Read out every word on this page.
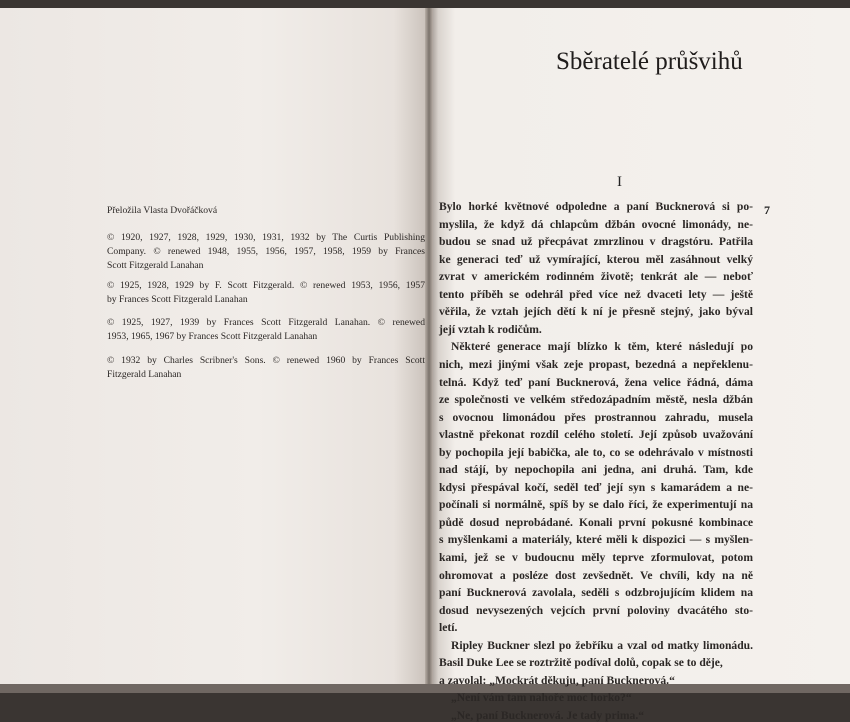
Přeložila Vlasta Dvořáčková
© 1920, 1927, 1928, 1929, 1930, 1931, 1932 by The Curtis Publishing
Company. © renewed 1948, 1955, 1956, 1957, 1958, 1959 by Frances
Scott Fitzgerald Lanahan
© 1925, 1928, 1929 by F. Scott Fitzgerald. © renewed 1953, 1956, 1957
by Frances Scott Fitzgerald Lanahan
© 1925, 1927, 1939 by Frances Scott Fitzgerald Lanahan. © renewed
1953, 1965, 1967 by Frances Scott Fitzgerald Lanahan
© 1932 by Charles Scribner's Sons. © renewed 1960 by Frances Scott
Fitzgerald Lanahan
Sběratelé průšvihů
I
7
Bylo horké květnové odpoledne a paní Bucknerová si po-
myslila, že když dá chlapcům džbán ovocné limonády, ne-
budou se snad už přecpávat zmrzlinou v dragstóru. Patřila
ke generaci teď už vymírající, kterou měl zasáhnout velký
zvrat v americkém rodinném životě; tenkrát ale — neboť
tento příběh se odehrál před více než dvaceti lety — ještě
věřila, že vztah jejích dětí k ní je přesně stejný, jako býval
její vztah k rodičům.
Některé generace mají blízko k těm, které následují po
nich, mezi jinými však zeje propast, bezedná a nepřeklenu-
telná. Když teď paní Bucknerová, žena velice řádná, dáma
ze společnosti ve velkém středozápadním městě, nesla džbán
s ovocnou limonádou přes prostrannou zahradu, musela
vlastně překonat rozdíl celého století. Její způsob uvažování
by pochopila její babička, ale to, co se odehrávalo v místnosti
nad stájí, by nepochopila ani jedna, ani druhá. Tam, kde
kdysi přespával kočí, seděl teď její syn s kamarádem a ne-
počínali si normálně, spíš by se dalo říci, že experimentují na
půdě dosud neprobádané. Konali první pokusné kombinace
s myšlenkami a materiály, které měli k dispozici — s myšlen-
kami, jež se v budoucnu měly teprve zformulovat, potom
ohromovat a posléze dost zevšednět. Ve chvíli, kdy na ně
paní Bucknerová zavolala, seděli s odzbrojujícím klidem na
dosud nevysezených vejcích první poloviny dvacátého sto-
letí.
Ripley Buckner slezl po žebříku a vzal od matky limonádu.
Basil Duke Lee se roztržitě podíval dolů, copak se to děje,
a zavolal: „Mockrát děkuju, paní Bucknerová.“
„Není vám tam nahoře moc horko?“
„Ne, paní Bucknerová. Je tady prima.“
